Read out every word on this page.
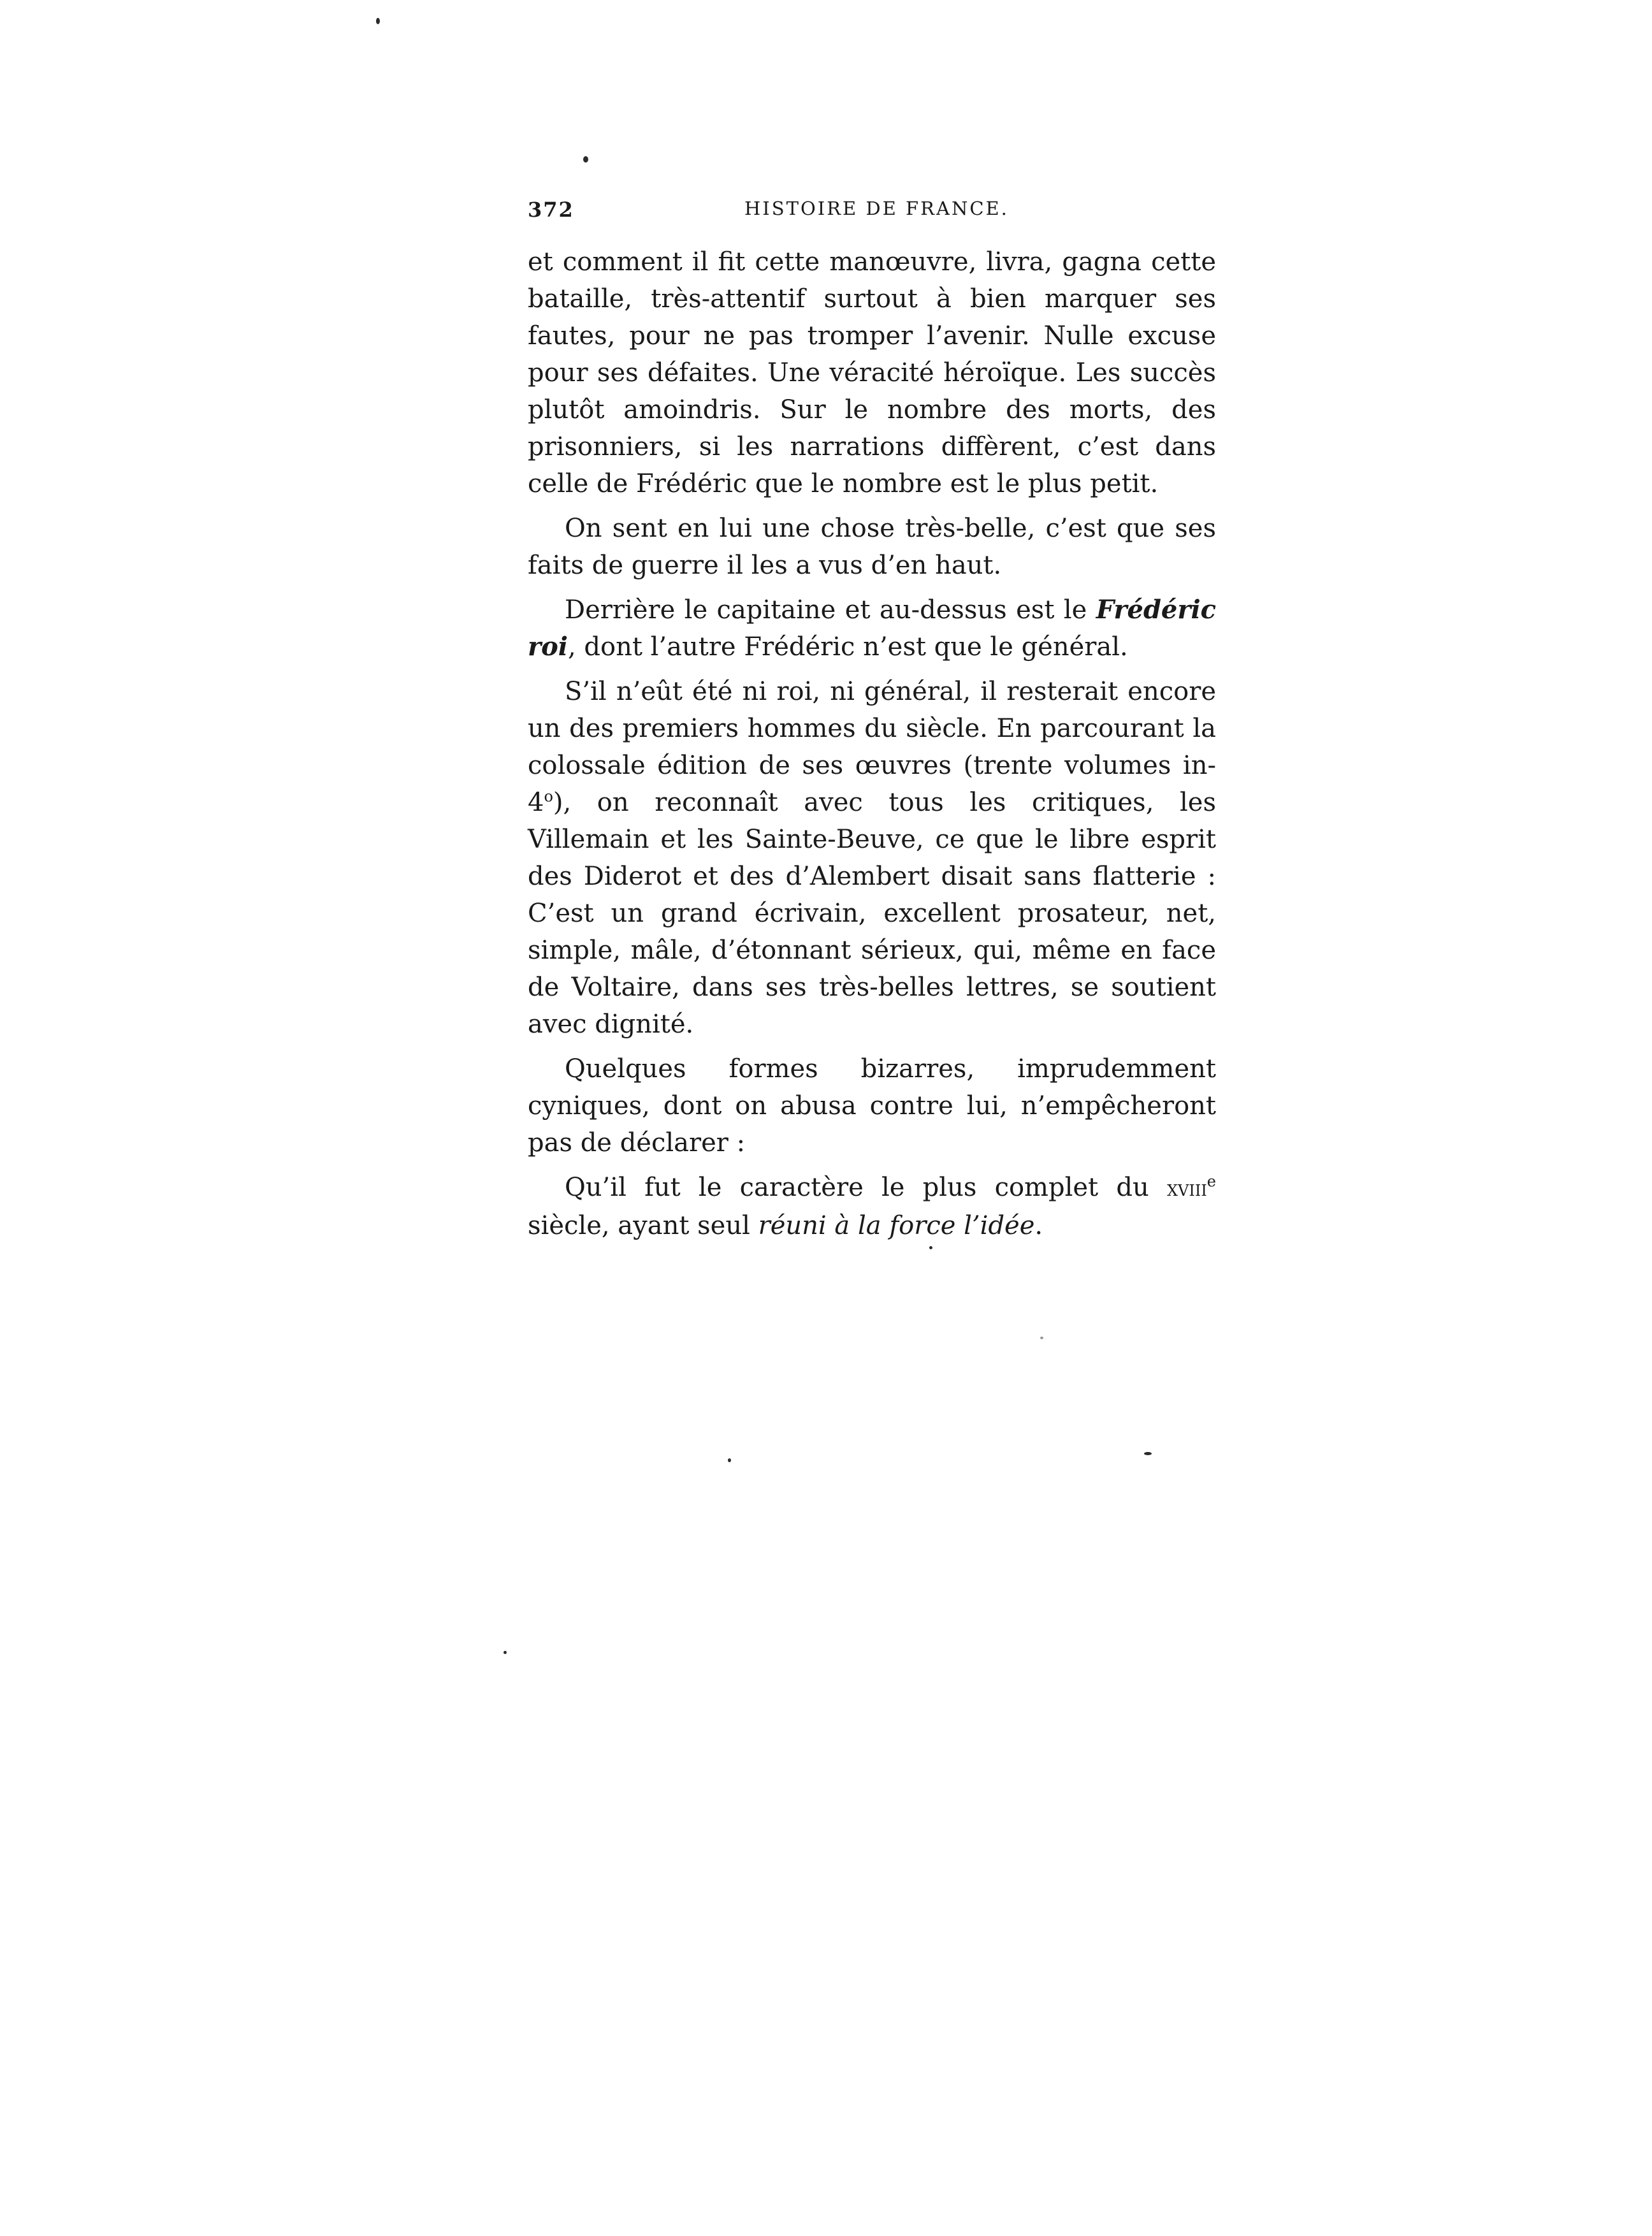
372	HISTOIRE DE FRANCE.

et comment il fit cette manœuvre, livra, gagna cette bataille, très-attentif surtout à bien marquer ses fautes, pour ne pas tromper l’avenir. Nulle excuse pour ses défaites. Une véracité héroïque. Les succès plutôt amoindris. Sur le nombre des morts, des prisonniers, si les narrations diffèrent, c’est dans celle de Frédéric que le nombre est le plus petit.

On sent en lui une chose très-belle, c’est que ses faits de guerre il les a vus d’en haut.

Derrière le capitaine et au-dessus est le Frédéric roi, dont l’autre Frédéric n’est que le général.

S’il n’eût été ni roi, ni général, il resterait encore un des premiers hommes du siècle. En parcourant la colossale édition de ses œuvres (trente volumes in-4$^o$), on reconnaît avec tous les critiques, les Villemain et les Sainte-Beuve, ce que le libre esprit des Diderot et des d’Alembert disait sans flatterie : C’est un grand écrivain, excellent prosateur, net, simple, mâle, d’étonnant sérieux, qui, même en face de Voltaire, dans ses très-belles lettres, se soutient avec dignité.

Quelques formes bizarres, imprudemment cyniques, dont on abusa contre lui, n’empêcheront pas de déclarer :

Qu’il fut le caractère le plus complet du xviii$^e$ siècle, ayant seul réuni à la force l’idée.
